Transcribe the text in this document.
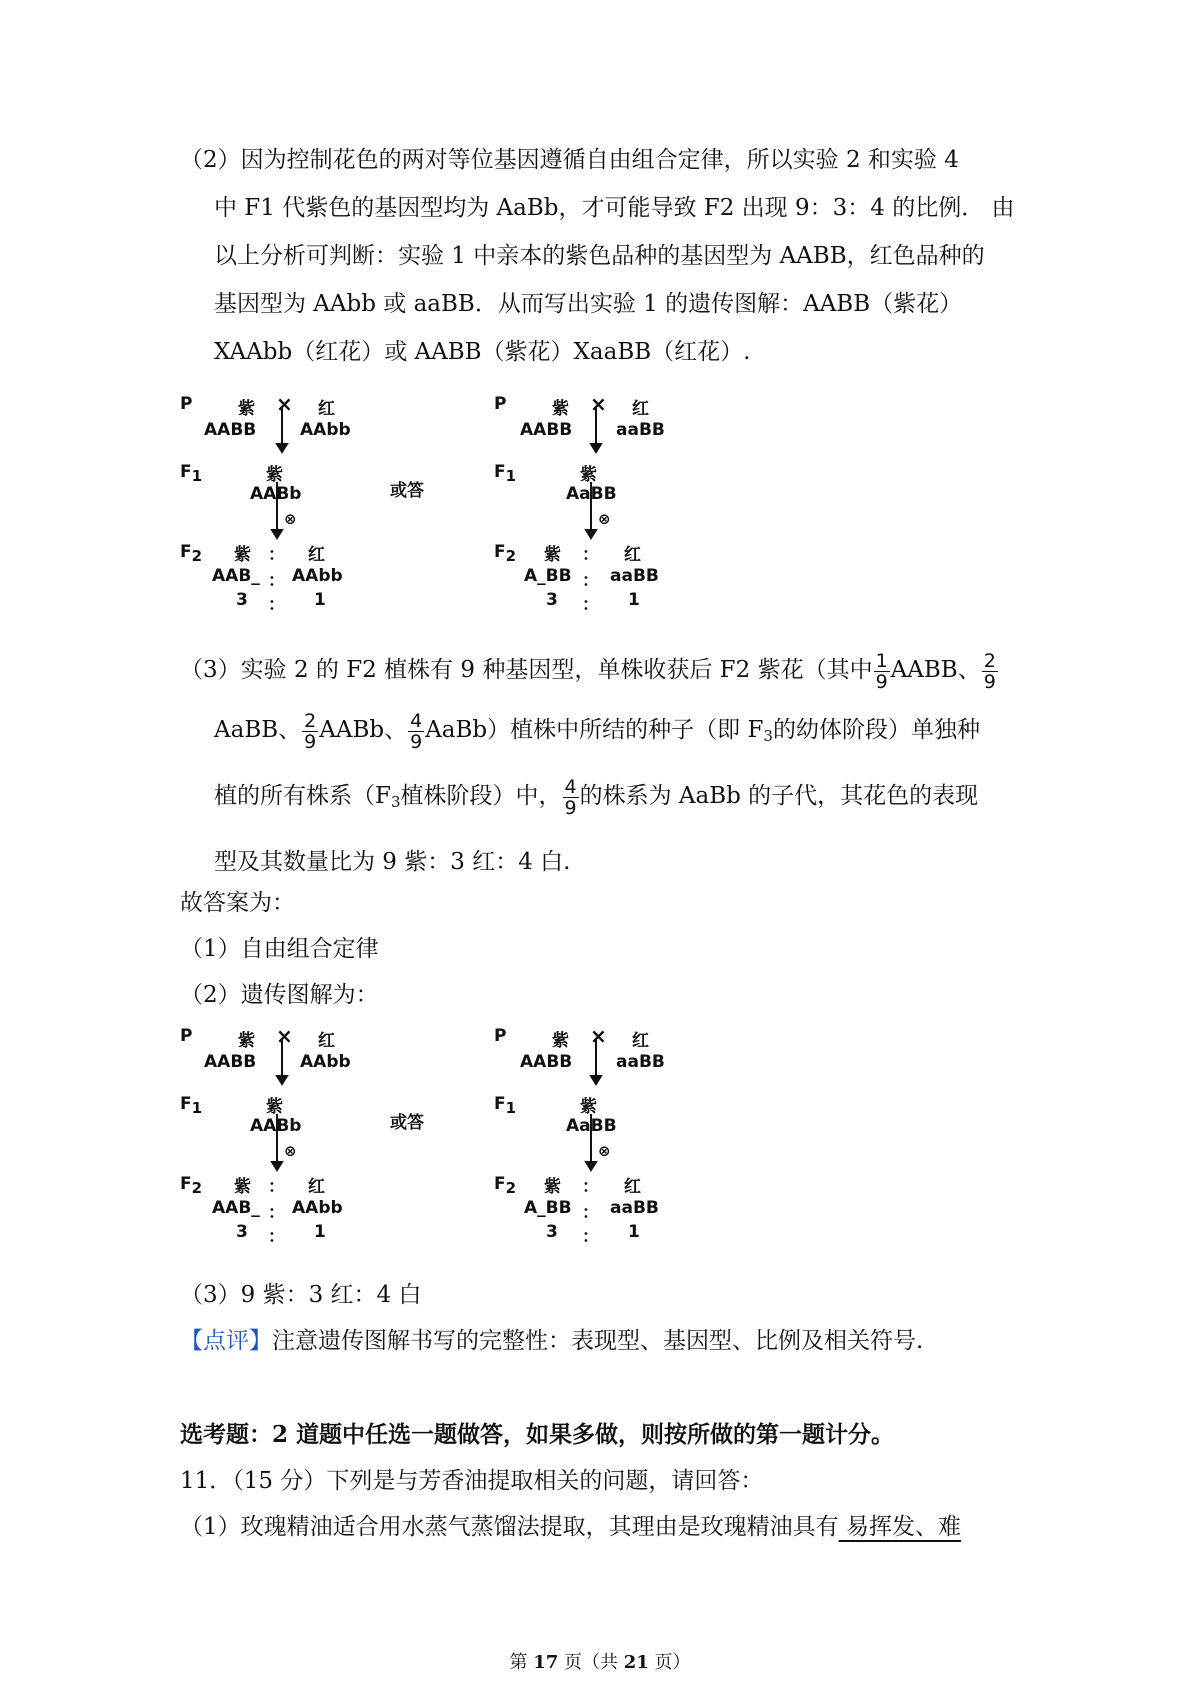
（2）因为控制花色的两对等位基因遵循自由组合定律，所以实验 2 和实验 4
中 F1 代紫色的基因型均为 AaBb，才可能导致 F2 出现 9：3：4 的比例． 由
以上分析可判断：实验 1 中亲本的紫色品种的基因型为 AABB，红色品种的
基因型为 AAbb 或 aaBB．从而写出实验 1 的遗传图解：AABB（紫花）
XAAbb（红花）或 AABB（紫花）XaaBB（红花）.
P	紫 × 红
AABB	AAbb
F1	紫
AABb
⊗
F2 紫 ： 红
AAB_ ： AAbb
3 ： 1
或答
P	紫 × 红
AABB	aaBB
F1	紫
AaBB
⊗
F2 紫 ： 红
A_BB ： aaBB
3 ： 1
（3）实验 2 的 F2 植株有 9 种基因型，单株收获后 F2 紫花（其中 $\frac{1}{9}$ AABB、 $\frac{2}{9}$
AaBB、 $\frac{2}{9}$ AABb、 $\frac{4}{9}$ AaBb）植株中所结的种子（即 $F_3$的幼体阶段）单独种
植的所有株系（$F_3$植株阶段）中， $\frac{4}{9}$ 的株系为 AaBb 的子代，其花色的表现
型及其数量比为 9 紫：3 红：4 白.
故答案为：
（1）自由组合定律
（2）遗传图解为：
P	紫 × 红
AABB	AAbb
F1	紫
AABb
⊗
F2 紫 ： 红
AAB_ ： AAbb
3 ： 1
或答
P	紫 × 红
AABB	aaBB
F1	紫
AaBB
⊗
F2 紫 ： 红
A_BB ： aaBB
3 ： 1
（3）9 紫：3 红：4 白
【点评】注意遗传图解书写的完整性：表现型、基因型、比例及相关符号.
选考题：2 道题中任选一题做答，如果多做，则按所做的第一题计分。
11．（15 分）下列是与芳香油提取相关的问题，请回答：
（1）玫瑰精油适合用水蒸气蒸馏法提取，其理由是玫瑰精油具有 易挥发、难
第 17 页（共 21 页）
